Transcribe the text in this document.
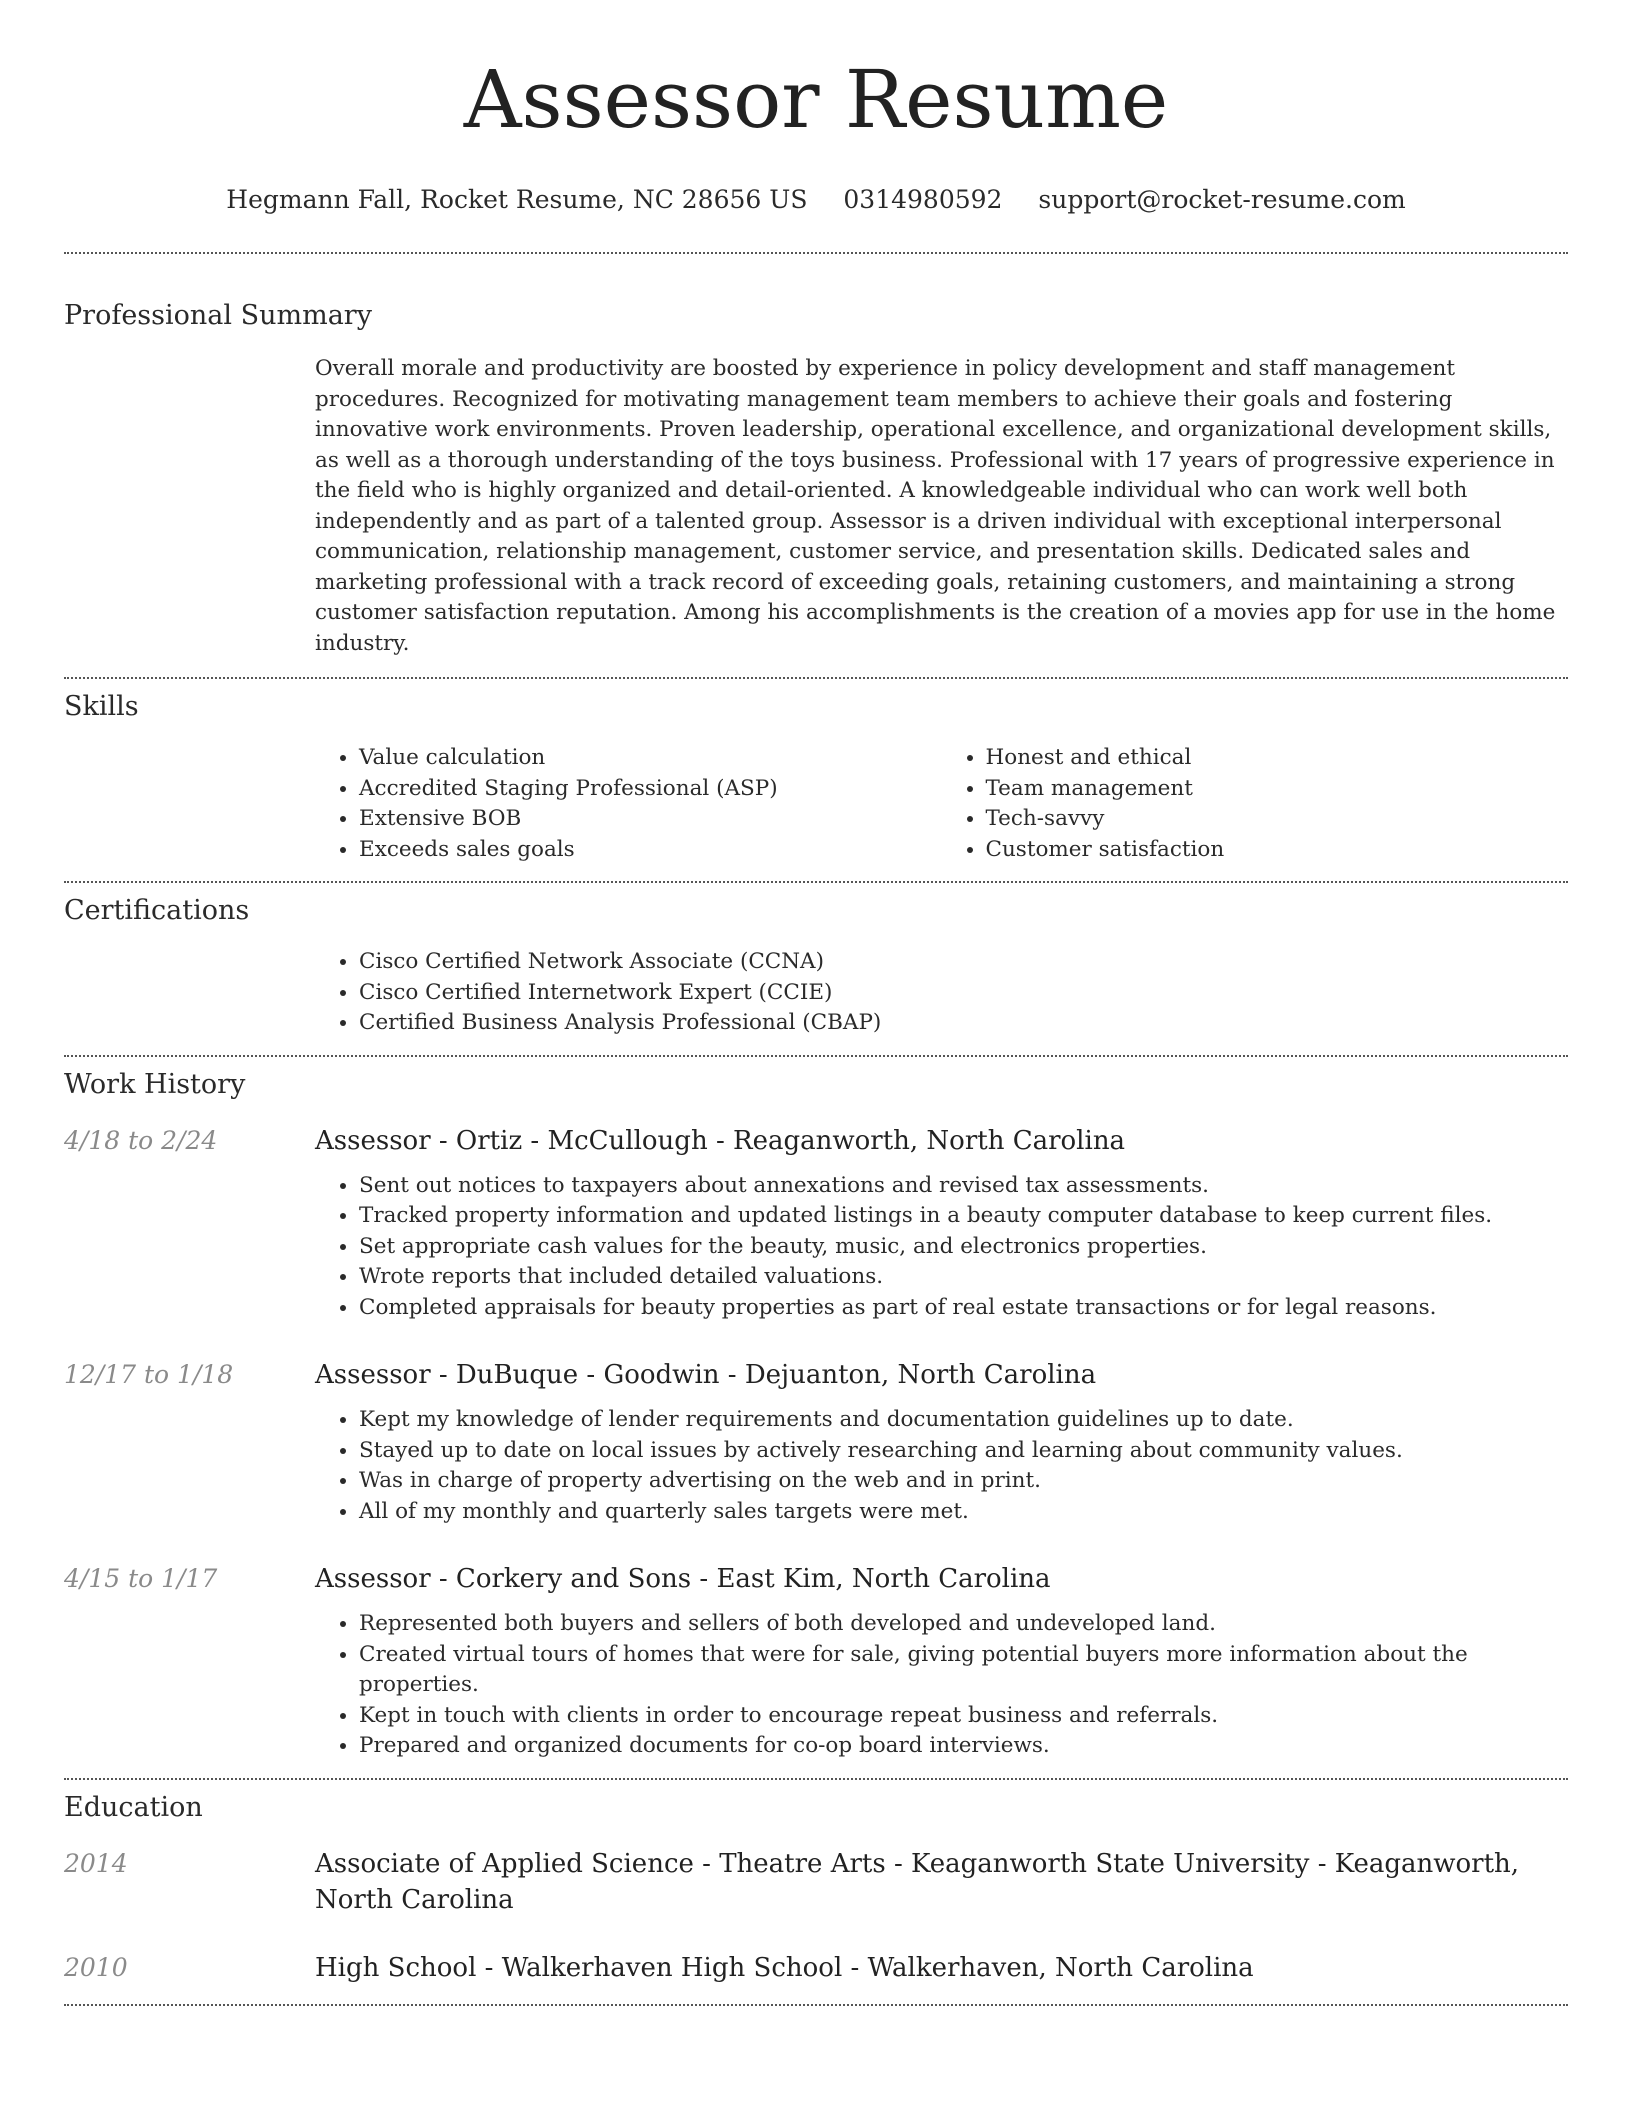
Assessor Resume
Hegmann Fall, Rocket Resume, NC 28656 US 0314980592 support@rocket-resume.com
Professional Summary

Overall morale and productivity are boosted by experience in policy development and staff management procedures. Recognized for motivating management team members to achieve their goals and fostering innovative work environments. Proven leadership, operational excellence, and organizational development skills, as well as a thorough understanding of the toys business. Professional with 17 years of progressive experience in the field who is highly organized and detail-oriented. A knowledgeable individual who can work well both independently and as part of a talented group. Assessor is a driven individual with exceptional interpersonal communication, relationship management, customer service, and presentation skills. Dedicated sales and marketing professional with a track record of exceeding goals, retaining customers, and maintaining a strong customer satisfaction reputation. Among his accomplishments is the creation of a movies app for use in the home industry.

Skills
• Value calculation
• Accredited Staging Professional (ASP)
• Extensive BOB
• Exceeds sales goals
• Honest and ethical
• Team management
• Tech-savvy
• Customer satisfaction
Certifications
• Cisco Certified Network Associate (CCNA)
• Cisco Certified Internetwork Expert (CCIE)
• Certified Business Analysis Professional (CBAP)
Work History
4/18 to 2/24	Assessor - Ortiz - McCullough - Reaganworth, North Carolina
• Sent out notices to taxpayers about annexations and revised tax assessments.
• Tracked property information and updated listings in a beauty computer database to keep current files.
• Set appropriate cash values for the beauty, music, and electronics properties.
• Wrote reports that included detailed valuations.
• Completed appraisals for beauty properties as part of real estate transactions or for legal reasons.
12/17 to 1/18	Assessor - DuBuque - Goodwin - Dejuanton, North Carolina
• Kept my knowledge of lender requirements and documentation guidelines up to date.
• Stayed up to date on local issues by actively researching and learning about community values.
• Was in charge of property advertising on the web and in print.
• All of my monthly and quarterly sales targets were met.
4/15 to 1/17	Assessor - Corkery and Sons - East Kim, North Carolina
• Represented both buyers and sellers of both developed and undeveloped land.
• Created virtual tours of homes that were for sale, giving potential buyers more information about the properties.
• Kept in touch with clients in order to encourage repeat business and referrals.
• Prepared and organized documents for co-op board interviews.
Education
2014	Associate of Applied Science - Theatre Arts - Keaganworth State University - Keaganworth, North Carolina
2010	High School - Walkerhaven High School - Walkerhaven, North Carolina
